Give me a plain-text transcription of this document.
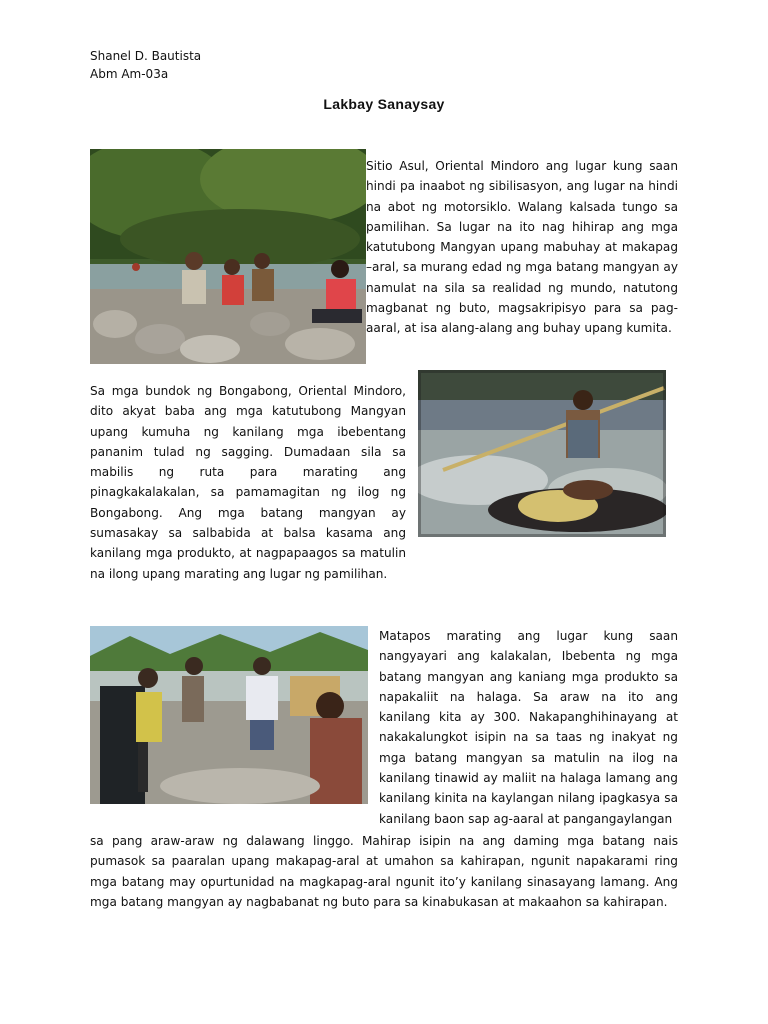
Shanel D. Bautista
Abm Am-03a
Lakbay Sanaysay
Sitio Asul, Oriental Mindoro ang lugar kung saan hindi pa inaabot ng sibilisasyon, ang lugar na hindi na abot ng motorsiklo. Walang kalsada tungo sa pamilihan. Sa lugar na ito nag hihirap ang mga katutubong Mangyan upang mabuhay at makapag –aral, sa murang edad ng mga batang mangyan ay namulat na sila sa realidad ng mundo, natutong magbanat ng buto, magsakripisyo para sa pag-aaral, at isa alang-alang ang buhay upang kumita.
Sa mga bundok ng Bongabong, Oriental Mindoro, dito akyat baba ang mga katutubong Mangyan upang kumuha ng kanilang mga ibebentang pananim tulad ng sagging. Dumadaan sila sa mabilis ng ruta para marating ang pinagkakalakalan, sa pamamagitan ng ilog ng Bongabong. Ang mga batang mangyan ay sumasakay sa salbabida at balsa kasama ang kanilang mga produkto, at nagpapaagos sa matulin na ilong upang marating ang lugar ng pamilihan.
Matapos marating ang lugar kung saan nangyayari ang kalakalan, Ibebenta ng mga batang mangyan ang kaniang mga produkto sa napakaliit na halaga. Sa araw na ito ang kanilang kita ay 300. Nakapanghihinayang at nakakalungkot isipin na sa taas ng inakyat ng mga batang mangyan sa matulin na ilog na kanilang tinawid ay maliit na halaga lamang ang kanilang kinita na kaylangan nilang ipagkasya sa kanilang baon sap ag-aaral at pangangaylangan

sa pang araw-araw ng dalawang linggo. Mahirap isipin na ang daming mga batang nais pumasok sa paaralan upang makapag-aral at umahon sa kahirapan, ngunit napakarami ring mga batang may opurtunidad na magkapag-aral ngunit ito’y kanilang sinasayang lamang. Ang mga batang mangyan ay nagbabanat ng buto para sa kinabukasan at makaahon sa kahirapan.
